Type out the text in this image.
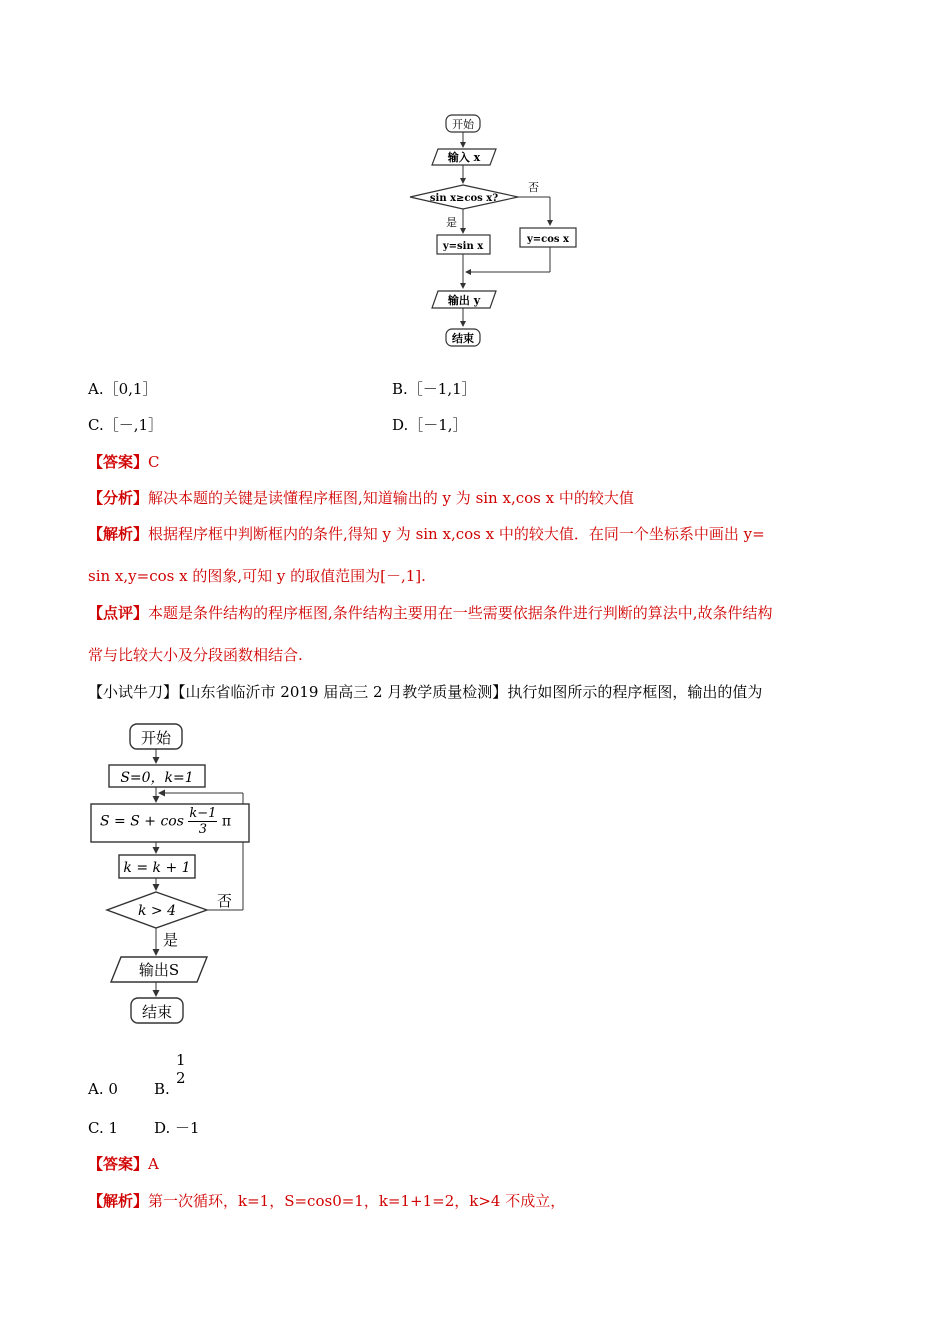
开始
输入 x
sin x≥cos x?
否
y=cos x
是
y=sin x
输出 y
结束
A.［0,1］	B.［－1,1］
C.［－,1］	D.［－1,］
【答案】C
【分析】解决本题的关键是读懂程序框图,知道输出的 y 为 sin x,cos x 中的较大值
【解析】根据程序框中判断框内的条件,得知 y 为 sin x,cos x 中的较大值．在同一个坐标系中画出 y=
sin x,y=cos x 的图象,可知 y 的取值范围为[－,1].
【点评】本题是条件结构的程序框图,条件结构主要用在一些需要依据条件进行判断的算法中,故条件结构
常与比较大小及分段函数相结合.
【小试牛刀】【山东省临沂市 2019 届高三 2 月教学质量检测】执行如图所示的程序框图，输出的值为
开始
S=0，k=1
否
k = k + 1
k > 4
是
输出S
结束
$S = S + \cos \frac{k-1}{3}$ π
A. 0 B.
1
2
C. 1 D. －1
【答案】A
【解析】第一次循环，k=1，S=cos0=1，k=1+1=2，k>4 不成立，
